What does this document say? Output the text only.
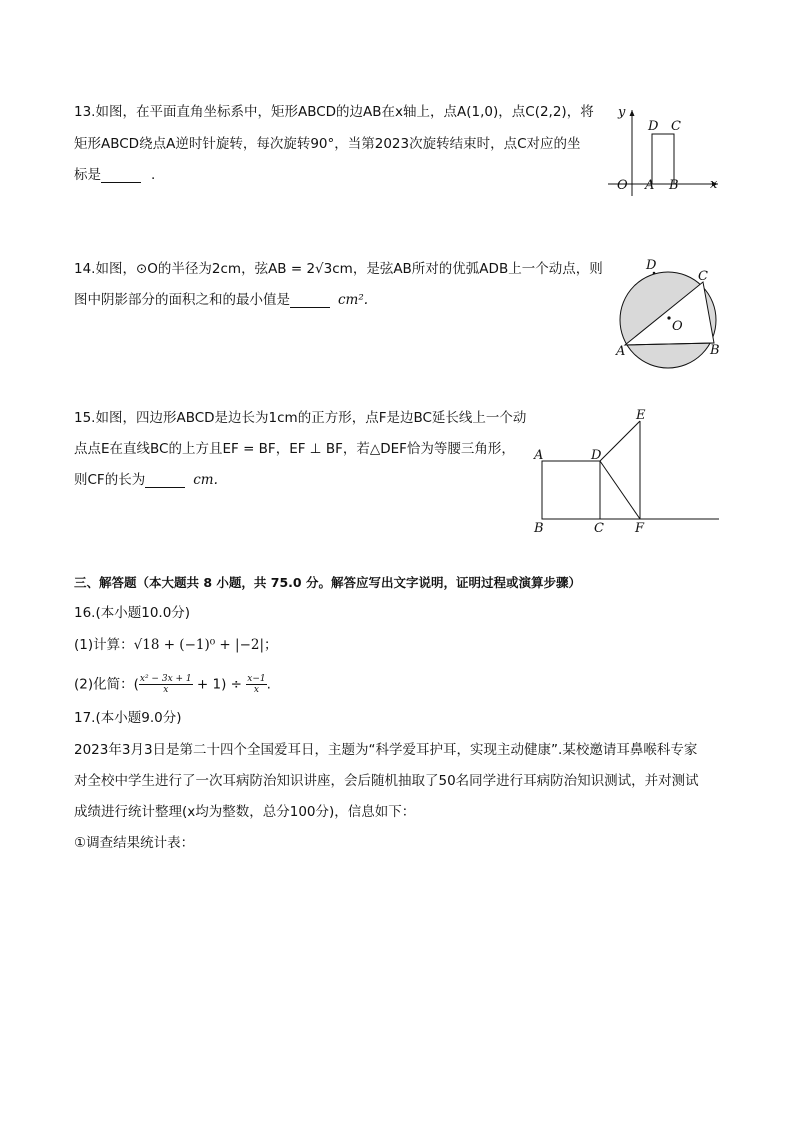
13.如图，在平面直角坐标系中，矩形ABCD的边AB在x轴上，点A(1,0)，点C(2,2)，将
矩形ABCD绕点A逆时针旋转，每次旋转90°，当第2023次旋转结束时，点C对应的坐
标是	.
y
x
O A B
D C
14.如图，⊙O的半径为2cm，弦AB = 2√3cm，是弦AB所对的优弧ADB上一个动点，则
图中阴影部分的面积之和的最小值是	cm².
D
C
O
A	B
15.如图，四边形ABCD是边长为1cm的正方形，点F是边BC延长线上一个动
点点E在直线BC的上方且EF = BF，EF ⊥ BF，若△DEF恰为等腰三角形，
则CF的长为	cm.
A	D
E
B	C F
三、解答题（本大题共 8 小题，共 75.0 分。解答应写出文字说明，证明过程或演算步骤）
16.(本小题10.0分)
(1)计算：√18 + (−1)⁰ + |−2|；
(2)化简：( $\frac{\text{x² − 3x + 1}}{x} + 1) \div \frac{x-1}{x}$ .
17.(本小题9.0分)
2023年3月3日是第二十四个全国爱耳日，主题为“科学爱耳护耳，实现主动健康”.某校邀请耳鼻喉科专家
对全校中学生进行了一次耳病防治知识讲座，会后随机抽取了50名同学进行耳病防治知识测试，并对测试
成绩进行统计整理(x均为整数，总分100分)，信息如下：
①调查结果统计表：
